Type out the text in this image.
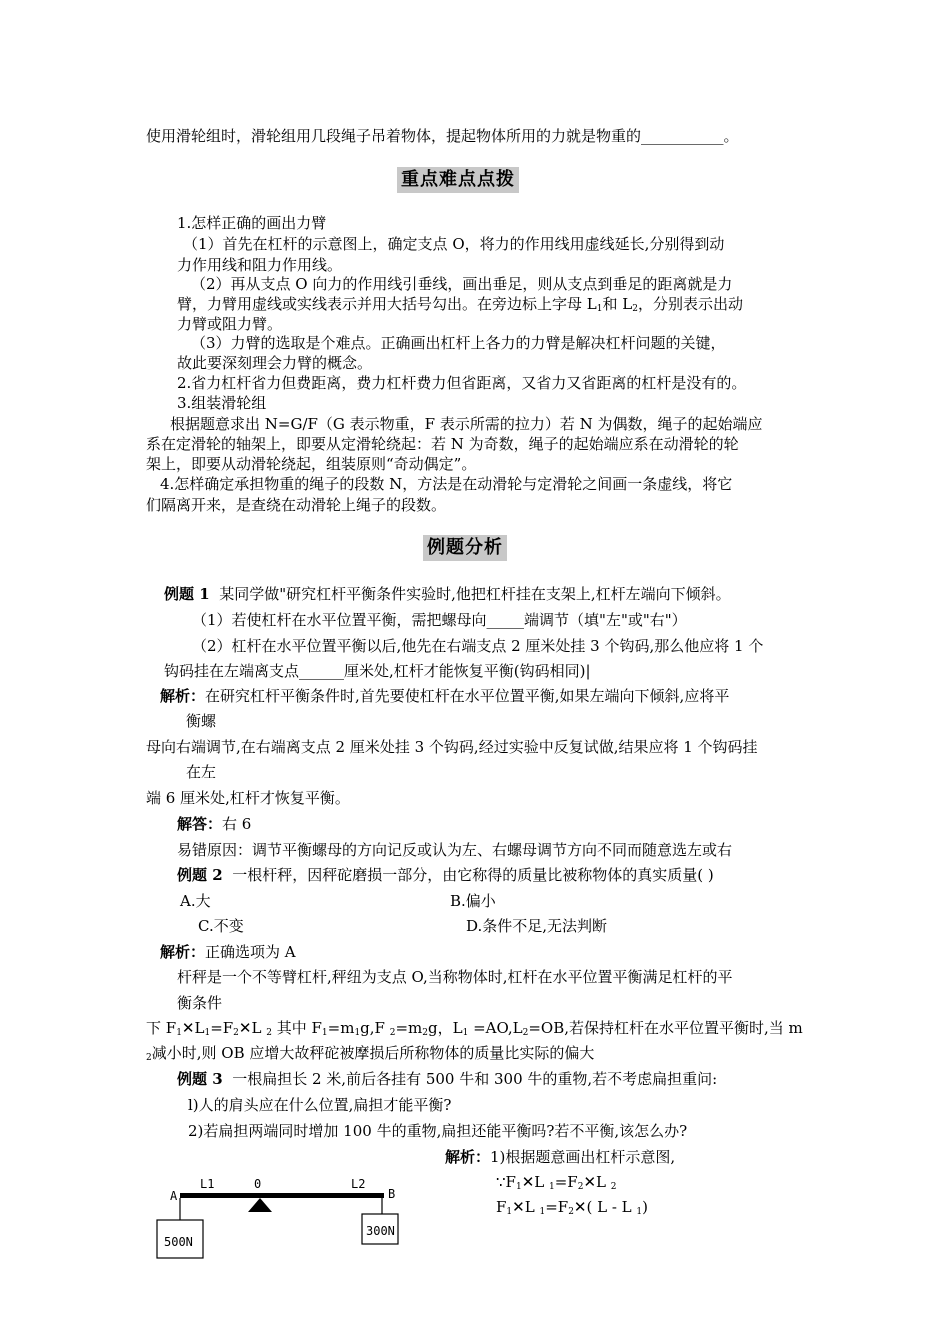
使用滑轮组时，滑轮组用几段绳子吊着物体，提起物体所用的力就是物重的___________。
重点难点点拨
1.怎样正确的画出力臂
（1）首先在杠杆的示意图上，确定支点 O，将力的作用线用虚线延长,分别得到动
力作用线和阻力作用线。
（2）再从支点 O 向力的作用线引垂线，画出垂足，则从支点到垂足的距离就是力
臂，力臂用虚线或实线表示并用大括号勾出。在旁边标上字母 $L_1$和 $L_2$，分别表示出动
力臂或阻力臂。
（3）力臂的选取是个难点。正确画出杠杆上各力的力臂是解决杠杆问题的关键，
故此要深刻理会力臂的概念。
2.省力杠杆省力但费距离，费力杠杆费力但省距离，又省力又省距离的杠杆是没有的。
3.组装滑轮组
根据题意求出 N=G/F（G 表示物重，F 表示所需的拉力）若 N 为偶数，绳子的起始端应
系在定滑轮的轴架上，即要从定滑轮绕起：若 N 为奇数，绳子的起始端应系在动滑轮的轮
架上，即要从动滑轮绕起，组装原则“奇动偶定”。
4.怎样确定承担物重的绳子的段数 N，方法是在动滑轮与定滑轮之间画一条虚线，将它
们隔离开来，是查绕在动滑轮上绳子的段数。
例题分析
例题 1 某同学做"研究杠杆平衡条件实验时,他把杠杆挂在支架上,杠杆左端向下倾斜。
（1）若使杠杆在水平位置平衡，需把螺母向_____端调节（填"左"或"右"）
（2）杠杆在水平位置平衡以后,他先在右端支点 2 厘米处挂 3 个钩码,那么他应将 1 个
钩码挂在左端离支点______厘米处,杠杆才能恢复平衡(钩码相同)|
解析：在研究杠杆平衡条件时,首先要使杠杆在水平位置平衡,如果左端向下倾斜,应将平
衡螺
母向右端调节,在右端离支点 2 厘米处挂 3 个钩码,经过实验中反复试做,结果应将 1 个钩码挂
在左
端 6 厘米处,杠杆才恢复平衡。
解答：右 6
易错原因：调节平衡螺母的方向记反或认为左、右螺母调节方向不同而随意选左或右
例题 2 一根杆秤，因秤砣磨损一部分，由它称得的质量比被称物体的真实质量( )
A.大	B.偏小
C.不变	D.条件不足,无法判断
解析：正确选项为 A
杆秤是一个不等臂杠杆,秤纽为支点 O,当称物体时,杠杆在水平位置平衡满足杠杆的平
衡条件
下 $F_1✕L_1=F_2✕L$ $_2$ 其中 $F_1=m_1g,F$ $_2=m_2g$，$L_1 =AO,L_2=OB$,若保持杠杆在水平位置平衡时,当 m
$_2$减小时,则 OB 应增大故秤砣被摩损后所称物体的质量比实际的偏大
例题 3 一根扁担长 2 米,前后各挂有 500 牛和 300 牛的重物,若不考虑扁担重问:
l)人的肩头应在什么位置,扁担才能平衡?
2)若扁担两端同时增加 100 牛的重物,扁担还能平衡吗?若不平衡,该怎么办?
解析：1)根据题意画出杠杆示意图,
$\because F_1✕L$ $_1=F_2✕L$ $_2$
$F_1✕L$ $_1=F_2✕$( L - L $_1$)
L1	0	L2
A	B
500N
300N
